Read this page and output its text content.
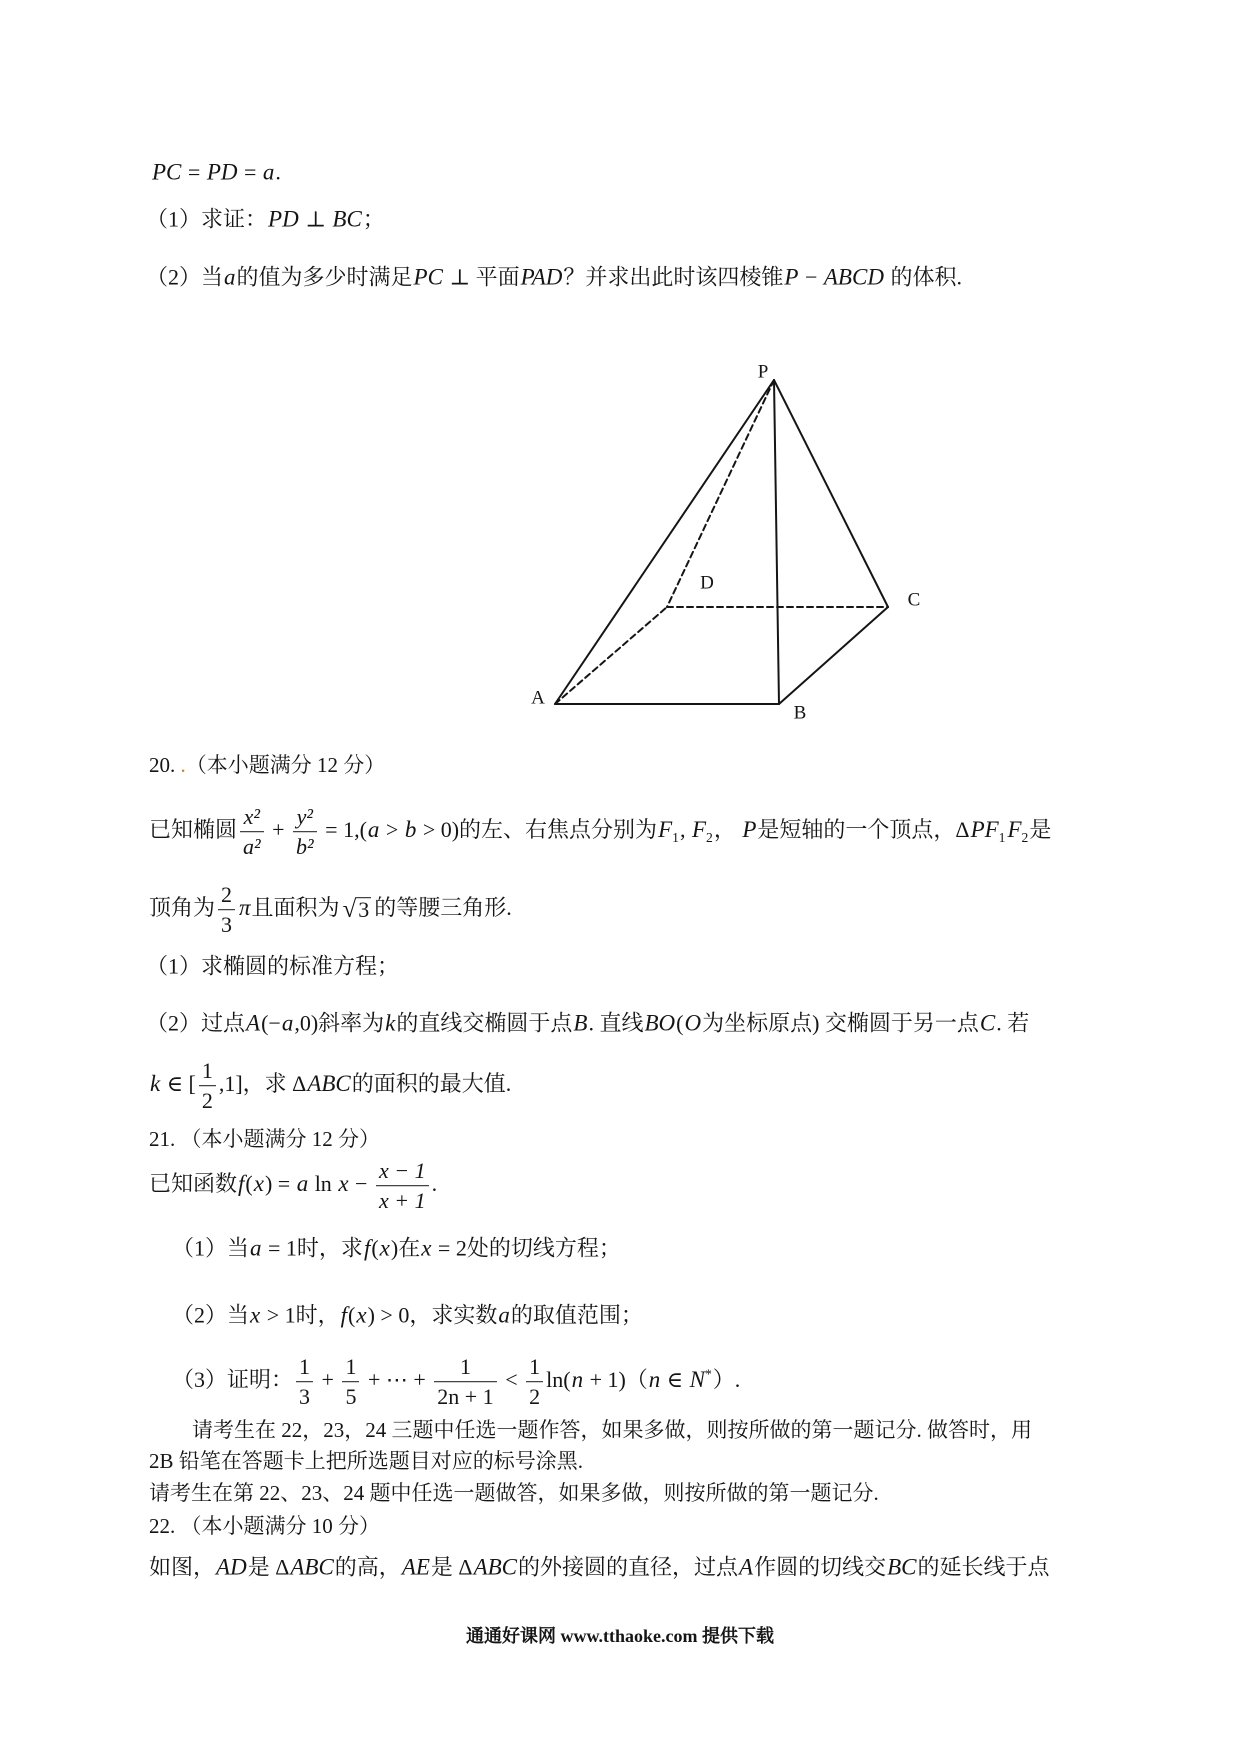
PC = PD = a.
（1）求证：PD ⊥ BC；
（2）当a的值为多少时满足PC ⊥ 平面PAD？并求出此时该四棱锥P − ABCD 的体积.
P
A
B
C
D
20. .（本小题满分 12 分）
已知椭圆 $\frac{\text{x²}}{\text{a²}} + \frac{\text{y²}}{\text{b²}} = 1,(a > b > 0)$的左、右焦点分别为$F_1$, $F_2$， P是短轴的一个顶点，$\Delta PF_1F_2$是
顶角为 $\frac{2}{3}$ π且面积为
√ 3 的等腰三角形.
（1）求椭圆的标准方程；
（2）过点A(−a,0)斜率为k的直线交椭圆于点B. 直线BO(O为坐标原点) 交椭圆于另一点C. 若
k ∈ [ $\frac{1}{2} ,1$]，求 ΔABC的面积的最大值.
21. （本小题满分 12 分）
已知函数f(x) = a $\ln x - \frac{x - 1}{x + 1}$ .
（1）当a = 1时，求f(x)在x = 2处的切线方程；
（2）当x > 1时，f(x) > 0，求实数a的取值范围；
（3）证明： $\frac{1}{3} + \frac{1}{5}$ + ⋯ + $\frac{1}{2n + 1} < \frac{1}{2} \ln(n + 1)(n$ ∈ N*）.
请考生在 22，23，24 三题中任选一题作答，如果多做，则按所做的第一题记分. 做答时，用
2B 铅笔在答题卡上把所选题目对应的标号涂黑.
请考生在第 22、23、24 题中任选一题做答，如果多做，则按所做的第一题记分.
22. （本小题满分 10 分）
如图，AD是 ΔABC的高，AE是 ΔABC的外接圆的直径，过点A作圆的切线交BC的延长线于点
通通好课网 www.tthaoke.com 提供下载
